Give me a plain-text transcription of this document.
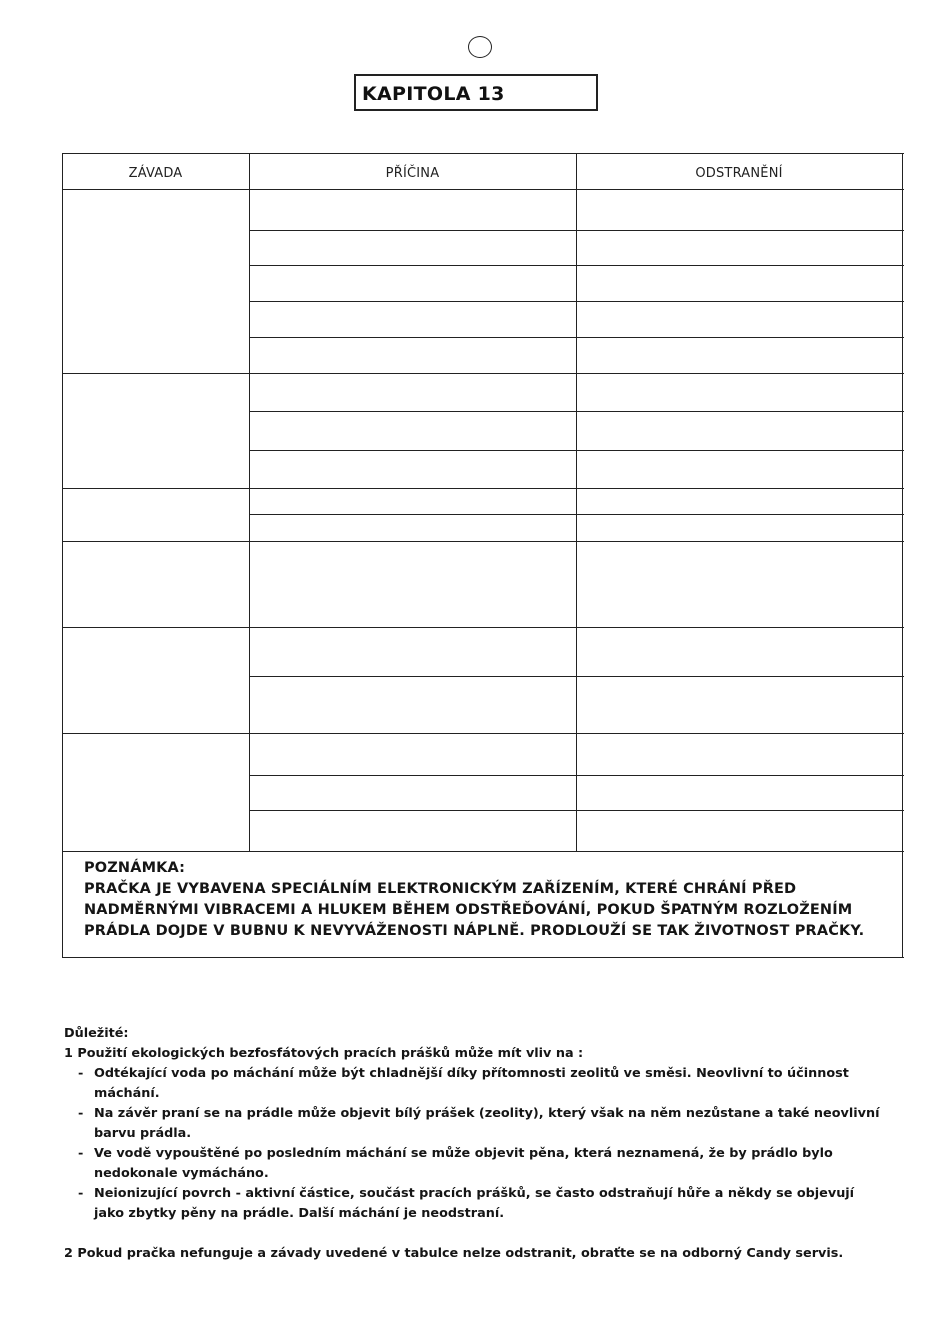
KAPITOLA 13
ZÁVADA	PŘÍČINA	ODSTRANĚNÍ
POZNÁMKA:
PRAČKA JE VYBAVENA SPECIÁLNÍM ELEKTRONICKÝM ZAŘÍZENÍM, KTERÉ CHRÁNÍ PŘED
NADMĚRNÝMI VIBRACEMI A HLUKEM BĚHEM ODSTŘEĎOVÁNÍ, POKUD ŠPATNÝM ROZLOŽENÍM
PRÁDLA DOJDE V BUBNU K NEVYVÁŽENOSTI NÁPLNĚ. PRODLOUŽÍ SE TAK ŽIVOTNOST PRAČKY.
Důležité:
1 Použití ekologických bezfosfátových pracích prášků může mít vliv na :
- Odtékající voda po máchání může být chladnější díky přítomnosti zeolitů ve směsi. Neovlivní to účinnost
máchání.
- Na závěr praní se na prádle může objevit bílý prášek (zeolity), který však na něm nezůstane a také neovlivní
barvu prádla.
- Ve vodě vypouštěné po posledním máchání se může objevit pěna, která neznamená, že by prádlo bylo
nedokonale vymácháno.
- Neionizující povrch - aktivní částice, součást pracích prášků, se často odstraňují hůře a někdy se objevují
jako zbytky pěny na prádle. Další máchání je neodstraní.
2 Pokud pračka nefunguje a závady uvedené v tabulce nelze odstranit, obraťte se na odborný Candy servis.
